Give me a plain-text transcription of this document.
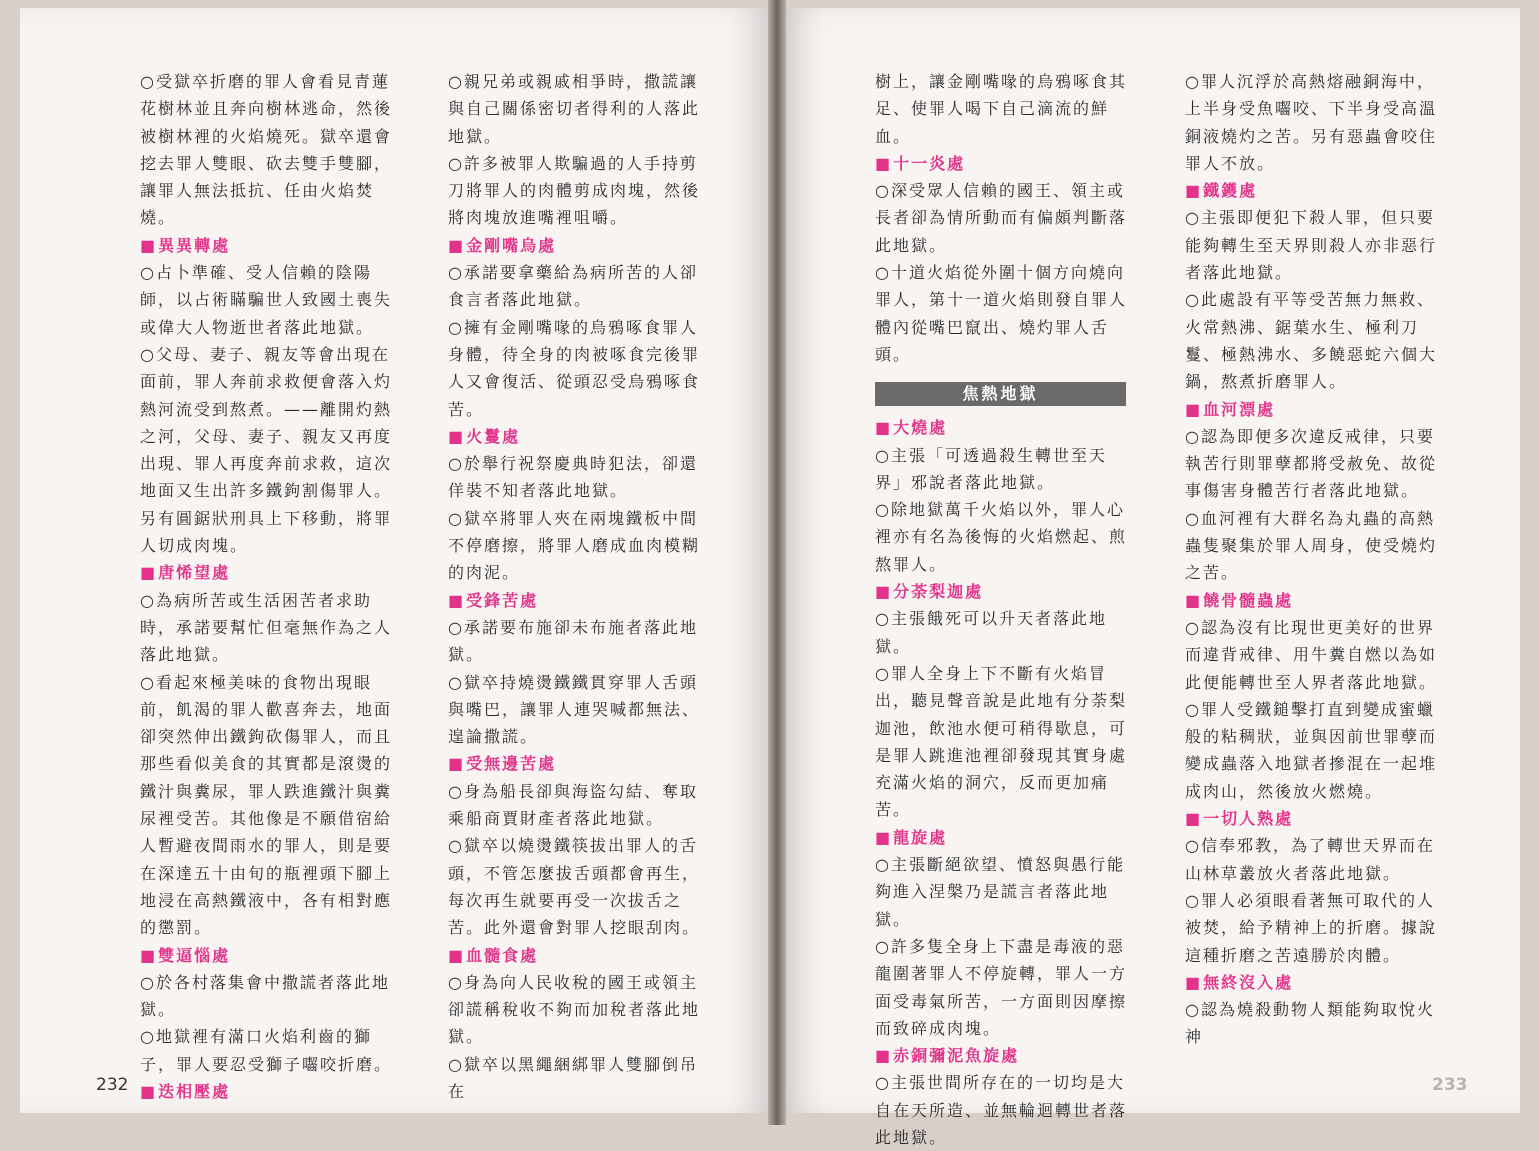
○受獄卒折磨的罪人會看見青蓮花樹林並且奔向樹林逃命，然後被樹林裡的火焰燒死。獄卒還會挖去罪人雙眼、砍去雙手雙腳，讓罪人無法抵抗、任由火焰焚燒。

■ 異異轉處

○占卜準確、受人信賴的陰陽師，以占術瞞騙世人致國土喪失或偉大人物逝世者落此地獄。

○父母、妻子、親友等會出現在面前，罪人奔前求救便會落入灼熱河流受到熬煮。——離開灼熱之河，父母、妻子、親友又再度出現、罪人再度奔前求救，這次地面又生出許多鐵鉤割傷罪人。另有圓鋸狀刑具上下移動，將罪人切成肉塊。

■ 唐悕望處

○為病所苦或生活困苦者求助時，承諾要幫忙但毫無作為之人落此地獄。

○看起來極美味的食物出現眼前，飢渴的罪人歡喜奔去，地面卻突然伸出鐵鉤砍傷罪人，而且那些看似美食的其實都是滾燙的鐵汁與糞尿，罪人跌進鐵汁與糞尿裡受苦。其他像是不願借宿給人暫避夜間雨水的罪人，則是要在深達五十由旬的瓶裡頭下腳上地浸在高熱鐵液中，各有相對應的懲罰。

■ 雙逼惱處

○於各村落集會中撒謊者落此地獄。

○地獄裡有滿口火焰利齒的獅子，罪人要忍受獅子囓咬折磨。

■ 迭相壓處

○親兄弟或親戚相爭時，撒謊讓與自己關係密切者得利的人落此地獄。

○許多被罪人欺騙過的人手持剪刀將罪人的肉體剪成肉塊，然後將肉塊放進嘴裡咀嚼。

■ 金剛嘴烏處

○承諾要拿藥給為病所苦的人卻食言者落此地獄。

○擁有金剛嘴喙的烏鴉啄食罪人身體，待全身的肉被啄食完後罪人又會復活、從頭忍受烏鴉啄食苦。

■ 火鬘處

○於舉行祝祭慶典時犯法，卻還佯裝不知者落此地獄。

○獄卒將罪人夾在兩塊鐵板中間不停磨擦，將罪人磨成血肉模糊的肉泥。

■ 受鋒苦處

○承諾要布施卻未布施者落此地獄。

○獄卒持燒燙鐵鐵貫穿罪人舌頭與嘴巴，讓罪人連哭喊都無法、遑論撒謊。

■ 受無邊苦處

○身為船長卻與海盜勾結、奪取乘船商賈財產者落此地獄。

○獄卒以燒燙鐵筷拔出罪人的舌頭，不管怎麼拔舌頭都會再生，每次再生就要再受一次拔舌之苦。此外還會對罪人挖眼刮肉。

■ 血髓食處

○身為向人民收稅的國王或領主卻謊稱稅收不夠而加稅者落此地獄。

○獄卒以黑繩綑綁罪人雙腳倒吊在

樹上，讓金剛嘴喙的烏鴉啄食其足、使罪人喝下自己滴流的鮮血。

■ 十一炎處

○深受眾人信賴的國王、領主或長者卻為情所動而有偏頗判斷落此地獄。

○十道火焰從外圍十個方向燒向罪人，第十一道火焰則發自罪人體內從嘴巴竄出、燒灼罪人舌頭。

焦熱地獄

■ 大燒處

○主張「可透過殺生轉世至天界」邪說者落此地獄。

○除地獄萬千火焰以外，罪人心裡亦有名為後悔的火焰燃起、煎熬罪人。

■ 分荼梨迦處

○主張餓死可以升天者落此地獄。

○罪人全身上下不斷有火焰冒出，聽見聲音說是此地有分荼梨迦池，飲池水便可稍得歇息，可是罪人跳進池裡卻發現其實身處充滿火焰的洞穴，反而更加痛苦。

■ 龍旋處

○主張斷絕欲望、憤怒與愚行能夠進入涅槃乃是謊言者落此地獄。

○許多隻全身上下盡是毒液的惡龍圍著罪人不停旋轉，罪人一方面受毒氣所苦，一方面則因摩擦而致碎成肉塊。

■ 赤銅彌泥魚旋處

○主張世間所存在的一切均是大自在天所造、並無輪迴轉世者落此地獄。

○罪人沉浮於高熱熔融銅海中，上半身受魚囓咬、下半身受高溫銅液燒灼之苦。另有惡蟲會咬住罪人不放。

■ 鐵鑊處

○主張即便犯下殺人罪，但只要能夠轉生至天界則殺人亦非惡行者落此地獄。

○此處設有平等受苦無力無救、火常熱沸、鋸葉水生、極利刀鬘、極熱沸水、多饒惡蛇六個大鍋，熬煮折磨罪人。

■ 血河漂處

○認為即便多次違反戒律，只要執苦行則罪孽都將受赦免、故從事傷害身體苦行者落此地獄。

○血河裡有大群名為丸蟲的高熱蟲隻聚集於罪人周身，使受燒灼之苦。

■ 饒骨髓蟲處

○認為沒有比現世更美好的世界而違背戒律、用牛糞自燃以為如此便能轉世至人界者落此地獄。

○罪人受鐵鎚擊打直到變成蜜蠟般的粘稠狀，並與因前世罪孽而變成蟲落入地獄者摻混在一起堆成肉山，然後放火燃燒。

■ 一切人熟處

○信奉邪教，為了轉世天界而在山林草叢放火者落此地獄。

○罪人必須眼看著無可取代的人被焚，給予精神上的折磨。據說這種折磨之苦遠勝於肉體。

■ 無終沒入處

○認為燒殺動物人類能夠取悅火神

232	233
